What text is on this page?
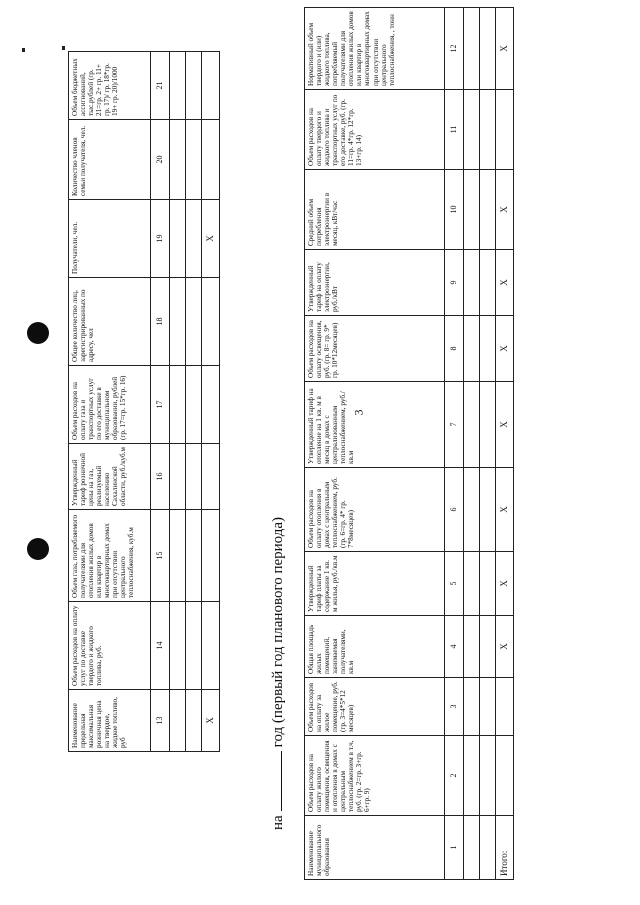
3
Наименование предельная максимальная розничная цена на твердое, жидкое топливо, руб	Объем расходов на оплату услуг по доставке твердого и жидкого топлива, руб.	Объем газа, потребляемого получателями для отопления жилых домов или квартир в многоквартирных домах при отсутствии центрального теплоснабжения, куб.м	Утвержденный тариф розничной цены на газ, реализуемый населению Сахалинской области, руб./куб.м	Объем расходов на оплату газа и транспортных услуг по его доставке в муниципальном образовании, рублей (гр. 17=гр. 15*гр. 16)	Общее количество лиц, зарегистрированных по адресу, чел	Получатели, чел.	Количество членов семьи получателя, чел.	Объем бюджетных ассигнований, тыс.рублей (гр. 21=гр. 2+ гр. 11+ гр. 17)/ гр. 18*гр. 19+ гр. 20)/1000
13	14	15	16	17	18	19	20	21

X						X		
нагод (первый год планового периода)
Наименование муниципального образования	Объем расходов на оплату жилого помещения, освещения и отопления в домах с центральным теплоснабжением в т.ч, руб. (гр. 2=гр. 3+гр. 6+гр. 9)	Объем расходов на оплату за жилое помещение, руб. (гр. 3=4*5*12 месяцев)	Общая площадь жилых помещений, занимаемая получателями, кв.м	Утвержденный тариф платы за содержание 1 кв. м жилья, руб./кв.м	Объем расходов на оплату отопления в домах с центральным теплоснабжением, руб. (гр. 6=гр. 4* гр. 7*8месяцев)	Утвержденный тариф на отопление на 1 кв. м в месяц в домах с централизованным теплоснабжением, руб./кв.м	Объем расходов на оплату освещения, руб. (гр. 8= гр. 9* гр. 10*12месяцев)	Утвержденный тариф на оплату электроэнергии, руб./кВт	Средний объем потребления электроэнергии в месяц, кВт/час	Объем расходов на оплату твердого и жидкого топлива и транспортных услуг по его доставке, руб. (гр. 11=гр. 4*гр. 12*гр. 13+гр. 14)	Нормативный объем твердого и (или) жидкого топлива, потребляемый получателями для отопления жилых домов или квартир в многоквартирных домах при отсутствии центрального теплоснабжения, , тонн
1	2	3	4	5	6	7	8	9	10	11	12

Итого:			X	X	X	X	X	X	X		X
